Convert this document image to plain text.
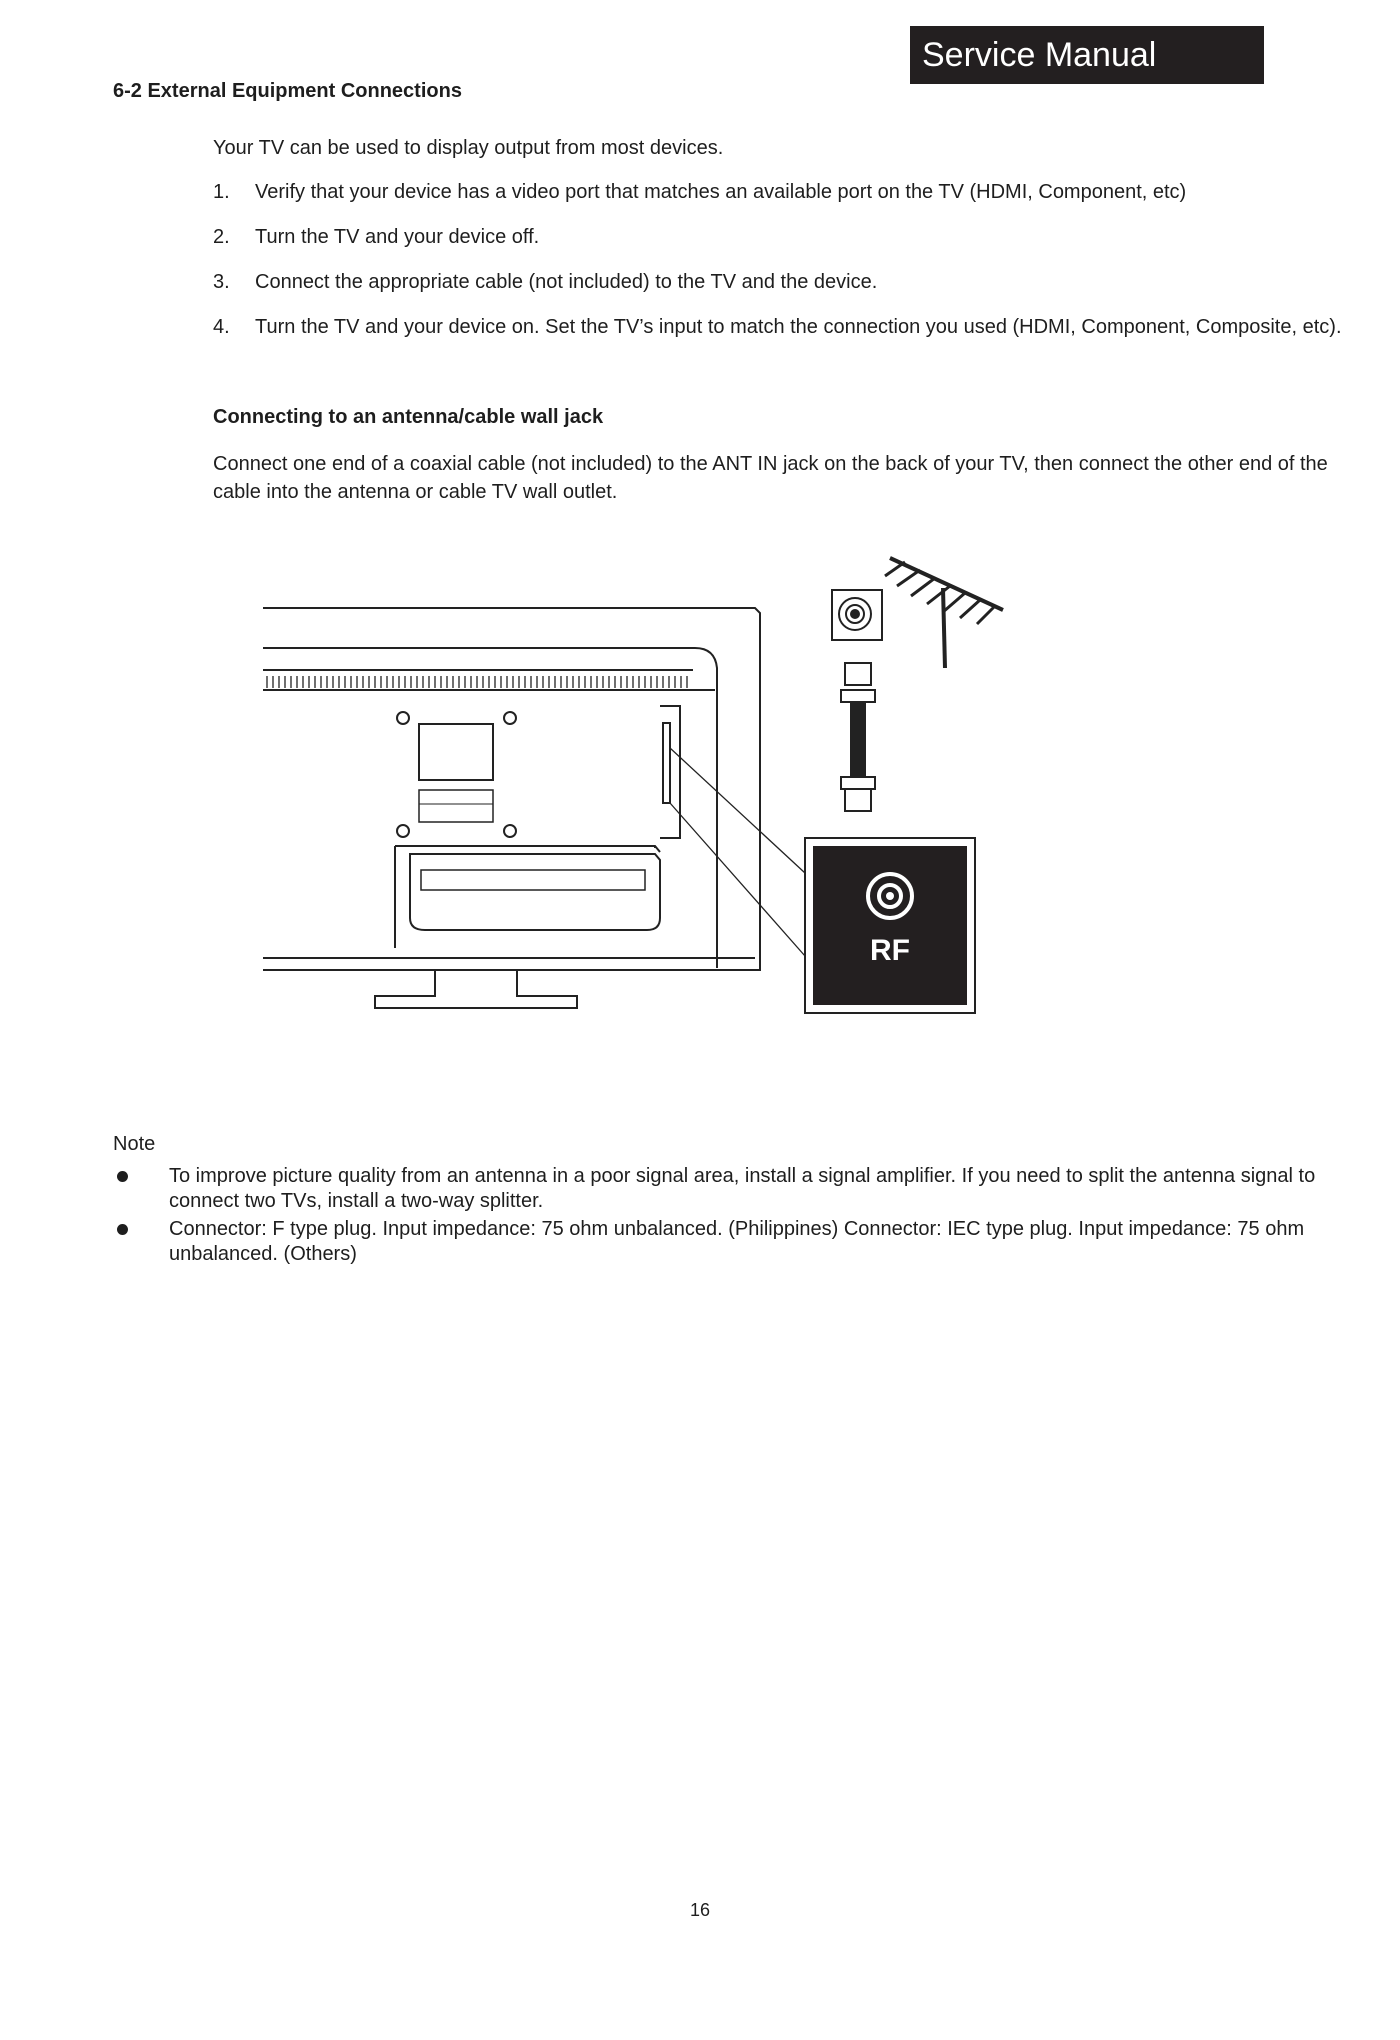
Service Manual
6-2 External Equipment Connections
Your TV can be used to display output from most devices.
1. Verify that your device has a video port that matches an available port on the TV (HDMI, Component, etc)
2. Turn the TV and your device off.
3. Connect the appropriate cable (not included) to the TV and the device.
4. Turn the TV and your device on. Set the TV’s input to match the connection you used (HDMI, Component, Composite, etc).
Connecting to an antenna/cable wall jack
Connect one end of a coaxial cable (not included) to the ANT IN jack on the back of your TV, then connect the other end of the cable into the antenna or cable TV wall outlet.
RF
Note
To improve picture quality from an antenna in a poor signal area, install a signal amplifier. If you need to split the antenna signal to connect two TVs, install a two-way splitter.
Connector: F type plug. Input impedance: 75 ohm unbalanced. (Philippines) Connector: IEC type plug. Input impedance: 75 ohm unbalanced. (Others)
16
